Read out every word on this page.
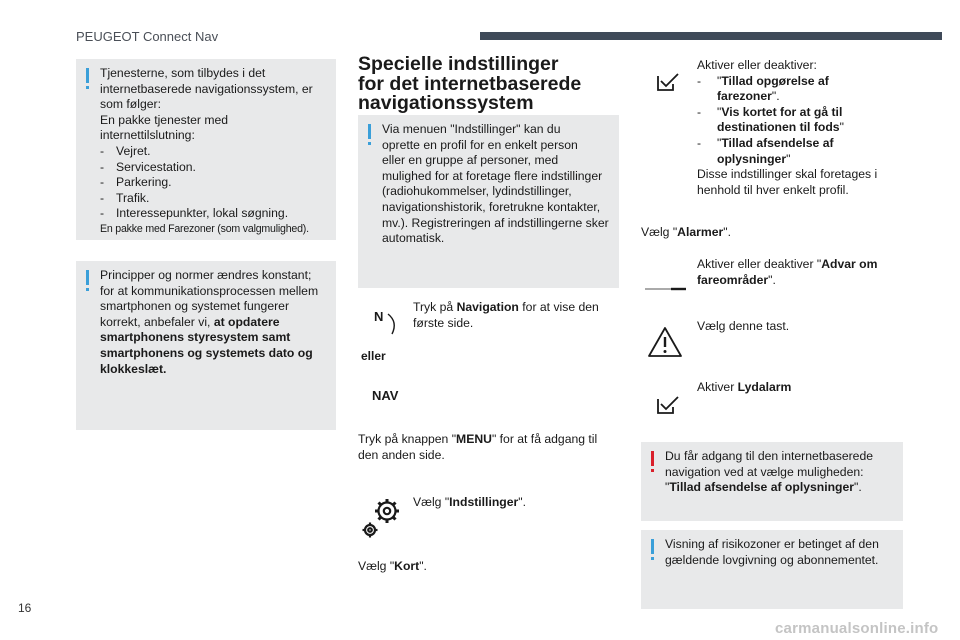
PEUGEOT Connect Nav
Tjenesterne, som tilbydes i det
internetbaserede navigationssystem, er
som følger:
En pakke tjenester med internettilslutning:
- Vejret.
- Servicestation.
- Parkering.
- Trafik.
- Interessepunkter, lokal søgning.
En pakke med Farezoner (som valgmulighed).
Principper og normer ændres konstant;
for at kommunikationsprocessen mellem
smartphonen og systemet fungerer
korrekt, anbefaler vi, at opdatere
smartphonens styresystem samt
smartphonens og systemets dato og
klokkeslæt.
Specielle indstillinger
for det internetbaserede
navigationssystem
Via menuen "Indstillinger" kan du
oprette en profil for en enkelt person
eller en gruppe af personer, med
mulighed for at foretage flere indstillinger
(radiohukommelser, lydindstillinger,
navigationshistorik, foretrukne kontakter,
mv.). Registreringen af indstillingerne sker
automatisk.
N
eller
NAV
Tryk på Navigation for at vise den
første side.
Tryk på knappen "MENU" for at få adgang til
den anden side.
Vælg "Indstillinger".
Vælg "Kort".
Aktiver eller deaktiver:
-	"Tillad opgørelse af
farezoner".
-	"Vis kortet for at gå til
destinationen til fods"
-	"Tillad afsendelse af
oplysninger"
Disse indstillinger skal foretages i
henhold til hver enkelt profil.
Vælg "Alarmer".
Aktiver eller deaktiver "Advar om
fareområder".
Vælg denne tast.
Aktiver Lydalarm
Du får adgang til den internetbaserede
navigation ved at vælge muligheden:
"Tillad afsendelse af oplysninger".
Visning af risikozoner er betinget af den
gældende lovgivning og abonnementet.
16
carmanualsonline.info
